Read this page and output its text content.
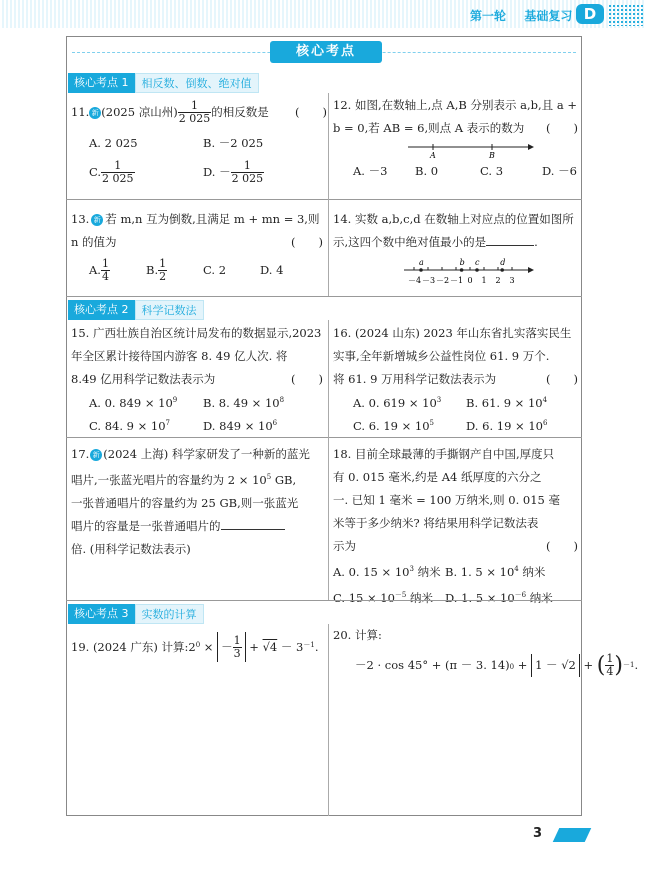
第一轮 基础复习 D
核心考点
核心考点 1	相反数、倒数、绝对值
11. 新 (2025 凉山州) $\frac{1}{2 025}$ 的相反数是 (　　)
A. 2 025	B. －2 025
C. $\frac{1}{2 025}$	D. － $\frac{1}{2 025}$
12. 如图,在数轴上,点 A,B 分别表示 a,b,且 a +
b = 0,若 AB = 6,则点 A 表示的数为 (　　)
A	B
A. －3 B. 0	C. 3	D. －6
13. 新 若 m,n 互为倒数,且满足 m + mn = 3,则
n 的值为	(　　)
A. $\frac{1}{4}$	B. $\frac{1}{2}$	C. 2	D. 4
14. 实数 a,b,c,d 在数轴上对应点的位置如图所
示,这四个数中绝对值最小的是	.
－4 －3 －2 －1 0 1 2 3
a	b c	d
核心考点 2	科学记数法
15. 广西壮族自治区统计局发布的数据显示,2023
年全区累计接待国内游客 8. 49 亿人次. 将
8.49 亿用科学记数法表示为	(　　)
A. 0. $849 \times 10^9$ B. 8. $49 \times 10^8$
C. 84. $9 \times 10^7$	D. $849 \times 10^6$
16. (2024 山东) 2023 年山东省扎实落实民生
实事,全年新增城乡公益性岗位 61. 9 万个.
将 61. 9 万用科学记数法表示为	(　　)
A. 0. $619 \times 10^3$ B. 61. $9 \times 10^4$
C. 6. $19 \times 10^5$	D. 6. $19 \times 10^6$
17. 新 (2024 上海) 科学家研发了一种新的蓝光
唱片,一张蓝光唱片的容量约为 $2 \times 10^5$ GB,
一张普通唱片的容量约为 25 GB,则一张蓝光
唱片的容量是一张普通唱片的
倍. (用科学记数法表示)
18. 目前全球最薄的手撕钢产自中国,厚度只
有 0. 015 毫米,约是 A4 纸厚度的六分之
一. 已知 1 毫米 = 100 万纳米,则 0. 015 毫
米等于多少纳米? 将结果用科学记数法表
示为	(　　)
A. 0. $15 \times 10^3$ 纳米 B. 1. $5 \times 10^4$ 纳米
C. $15 \times 10^{-5}$ 纳米	D. 1. $5 \times 10^{-6}$ 纳米
核心考点 3	实数的计算
19. (2024 广东) 计算:2 0 × － $\frac{1}{3} + √4 - 3 -1$ .
20. 计算:
－2 · cos 45° + (π － 3. 14) 0 + 1 － √2 + ( $\frac{1}{4}$ ) －1 .
3
